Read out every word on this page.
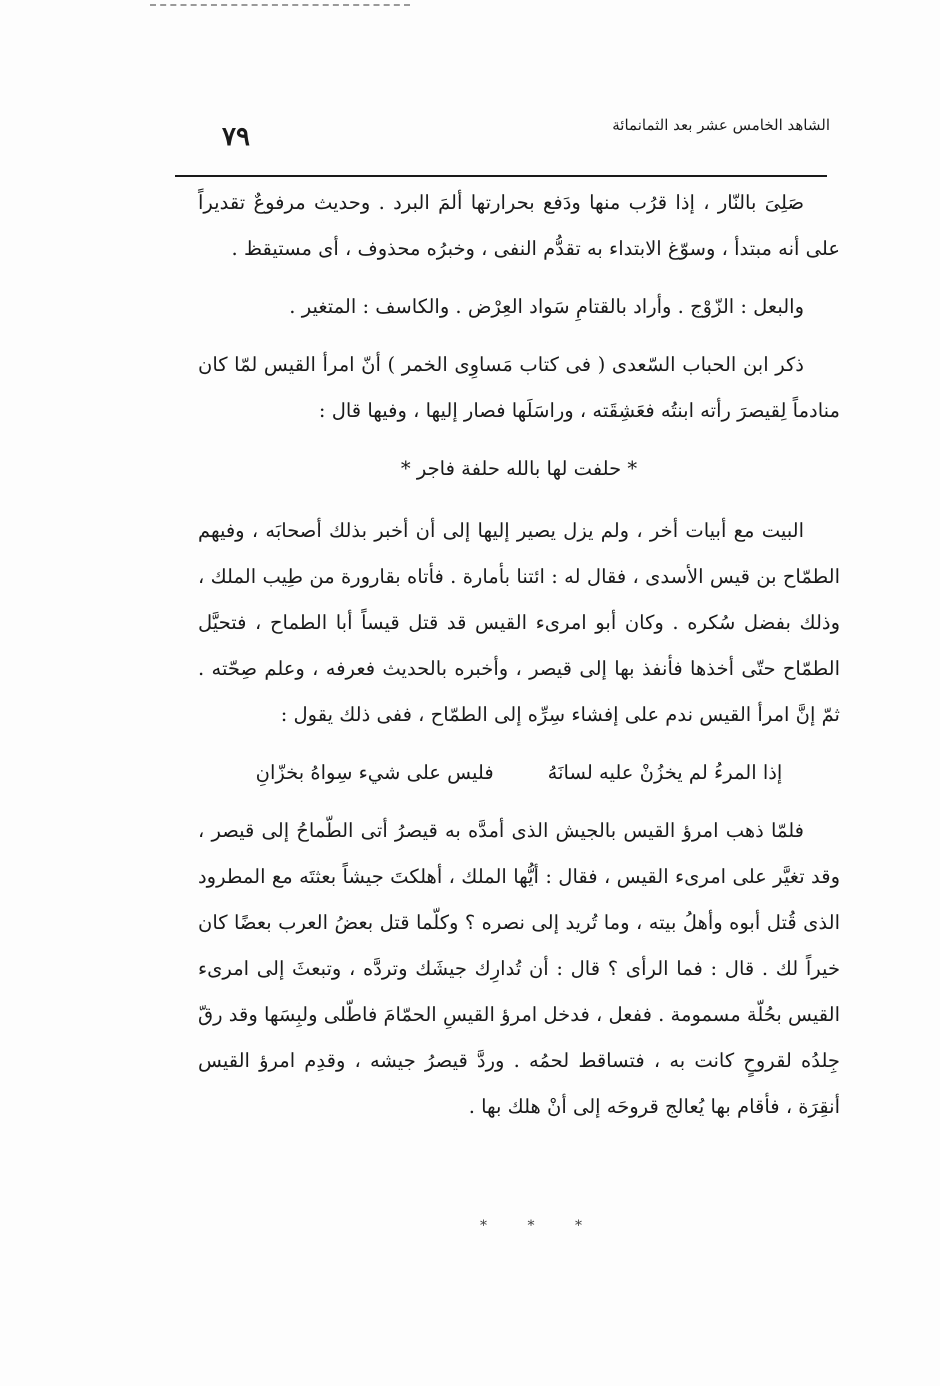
الشاهد الخامس عشر بعد الثمانمائة
٧٩

صَلِىَ بالنّار ، إذا قرُب منها ودَفع بحرارتها ألمَ البرد . وحديث مرفوعٌ تقديراً على أنه مبتدأ ، وسوّغ الابتداء به تقدُّم النفى ، وخبرُه محذوف ، أى مستيقظ .

والبعل : الزّوْج . وأراد بالقتامِ سَواد العِرْض . والكاسف : المتغير .

ذكر ابن الحباب السّعدى ( فى كتاب مَساوِى الخمر ) أنّ امرأ القيس لمّا كان منادماً لِقيصرَ رأته ابنتُه فعَشِقَته ، وراسَلَها فصار إليها ، وفيها قال :

* حلفت لها بالله حلفة فاجر *

البيت مع أبيات أخر ، ولم يزل يصير إليها إلى أن أخبر بذلك أصحابَه ، وفيهم الطمّاح بن قيس الأسدى ، فقال له : ائتنا بأمارة . فأتاه بقارورة من طِيب الملك ، وذلك بفضل سُكره . وكان أبو امرىء القيس قد قتل قيساً أبا الطماح ، فتحيَّل الطمّاح حتّى أخذها فأنفذ بها إلى قيصر ، وأخبره بالحديث فعرفه ، وعلم صِحّته . ثمّ إنَّ امرأ القيس ندم على إفشاء سِرِّه إلى الطمّاح ، ففى ذلك يقول :

إذا المرءُ لم يخزُنْ عليه لسانَهُ
فليس على شيء سِواهُ بخزّانِ

فلمّا ذهب امرؤ القيس بالجيش الذى أمدَّه به قيصرُ أتى الطّماحُ إلى قيصر ، وقد تغيَّر على امرىء القيس ، فقال : أيُّها الملك ، أهلكتَ جيشاً بعثتَه مع المطرود الذى قُتل أبوه وأهلُ بيته ، وما تُريد إلى نصره ؟ وكلّما قتل بعضُ العرب بعضًا كان خيراً لك . قال : فما الرأى ؟ قال : أن تُدارِك جيشَك وتردَّه ، وتبعثَ إلى امرىء القيس بحُلّة مسمومة . ففعل ، فدخل امرؤ القيسِ الحمّامَ فاطّلى ولبِسَها وقد رقّ جِلدُه لقروحٍ كانت به ، فتساقط لحمُه . وردَّ قيصرُ جيشه ، وقدِم امرؤ القيس أنقِرَة ، فأقام بها يُعالج قروحَه إلى أنْ هلك بها .

* * *
